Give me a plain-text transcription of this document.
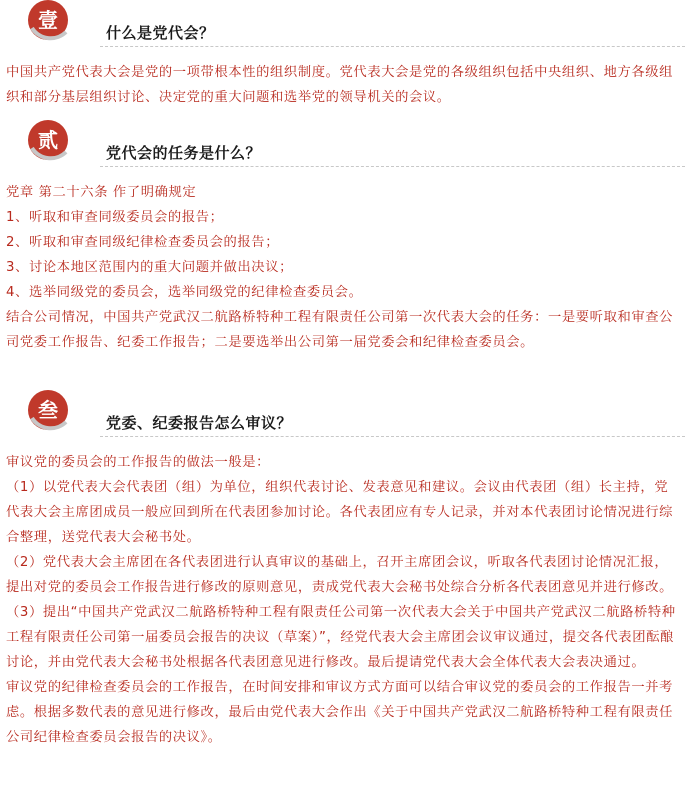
壹
什么是党代会？

中国共产党代表大会是党的一项带根本性的组织制度。党代表大会是党的各级组织包括中央组织、地方各级组织和部分基层组织讨论、决定党的重大问题和选举党的领导机关的会议。

贰
党代会的任务是什么？

党章 第二十六条 作了明确规定

1、听取和审查同级委员会的报告；

2、听取和审查同级纪律检查委员会的报告；

3、讨论本地区范围内的重大问题并做出决议；

4、选举同级党的委员会，选举同级党的纪律检查委员会。

结合公司情况，中国共产党武汉二航路桥特种工程有限责任公司第一次代表大会的任务：一是要听取和审查公司党委工作报告、纪委工作报告；二是要选举出公司第一届党委会和纪律检查委员会。

叁
党委、纪委报告怎么审议？

审议党的委员会的工作报告的做法一般是：

（1）以党代表大会代表团（组）为单位，组织代表讨论、发表意见和建议。会议由代表团（组）长主持，党代表大会主席团成员一般应回到所在代表团参加讨论。各代表团应有专人记录，并对本代表团讨论情况进行综合整理，送党代表大会秘书处。

（2）党代表大会主席团在各代表团进行认真审议的基础上，召开主席团会议，听取各代表团讨论情况汇报，提出对党的委员会工作报告进行修改的原则意见，责成党代表大会秘书处综合分析各代表团意见并进行修改。

（3）提出“中国共产党武汉二航路桥特种工程有限责任公司第一次代表大会关于中国共产党武汉二航路桥特种工程有限责任公司第一届委员会报告的决议（草案）”，经党代表大会主席团会议审议通过，提交各代表团酝酿讨论，并由党代表大会秘书处根据各代表团意见进行修改。最后提请党代表大会全体代表大会表决通过。

审议党的纪律检查委员会的工作报告，在时间安排和审议方式方面可以结合审议党的委员会的工作报告一并考虑。根据多数代表的意见进行修改，最后由党代表大会作出《关于中国共产党武汉二航路桥特种工程有限责任公司纪律检查委员会报告的决议》。
